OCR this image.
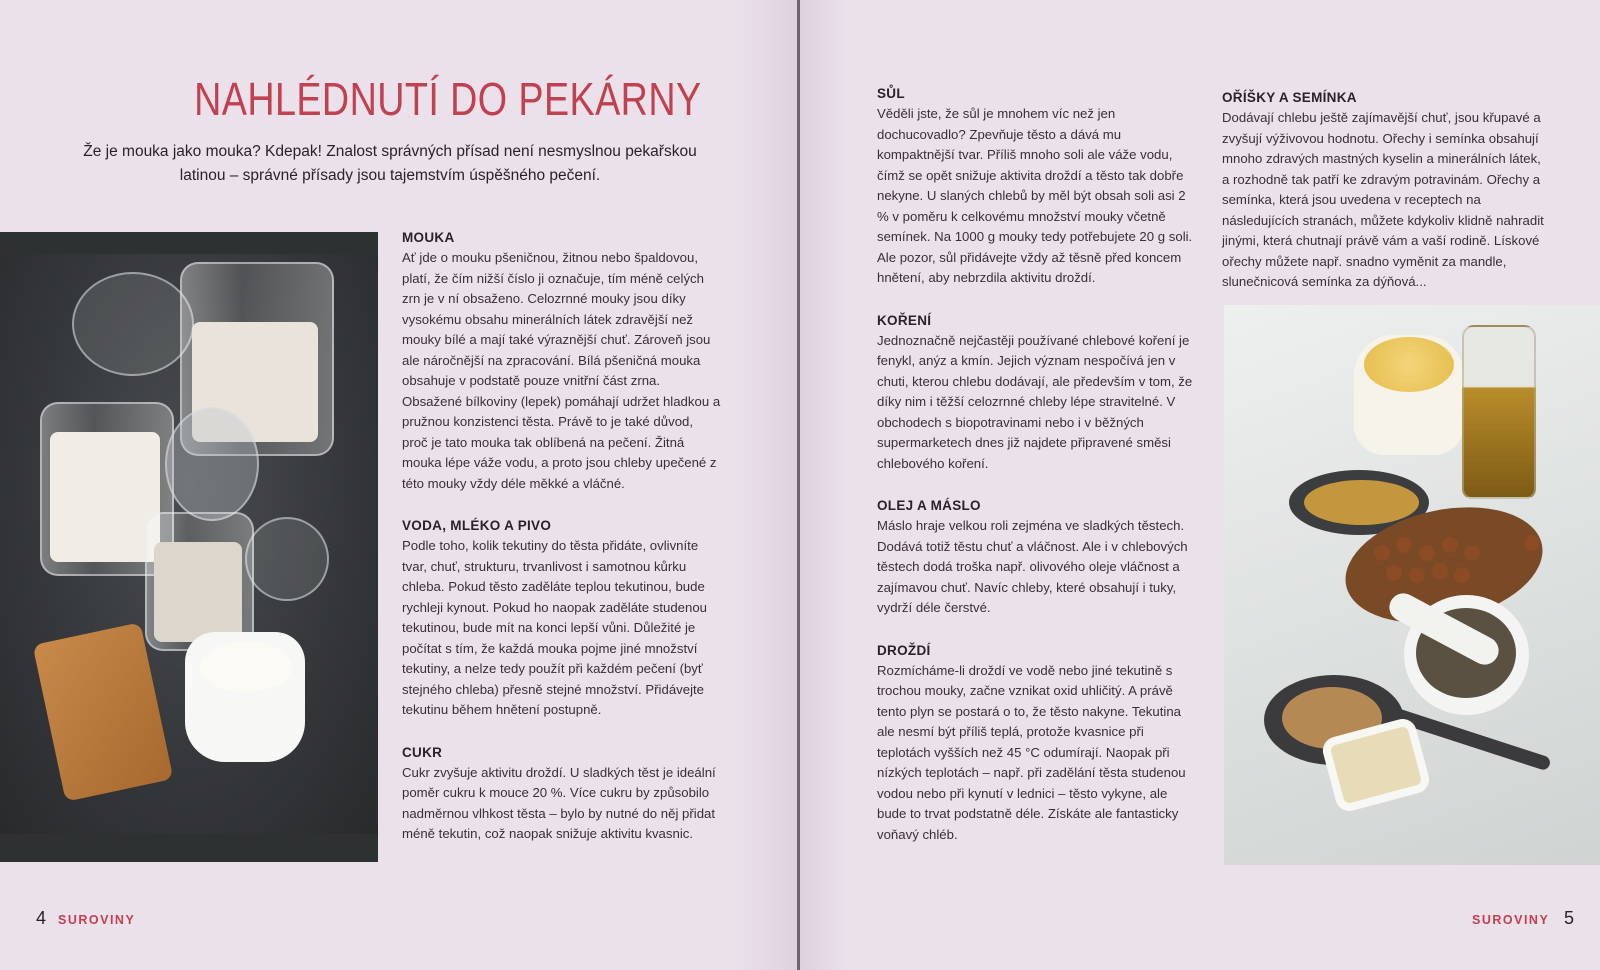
NAHLÉDNUTÍ DO PEKÁRNY
Že je mouka jako mouka? Kdepak! Znalost správných přísad není nesmyslnou pekařskou
latinou – správné přísady jsou tajemstvím úspěšného pečení.
MOUKA

Ať jde o mouku pšeničnou, žitnou nebo špaldovou, platí, že čím nižší číslo ji označuje, tím méně celých zrn je v ní obsaženo. Celozrnné mouky jsou díky vysokému obsahu minerálních látek zdravější než mouky bílé a mají také výraznější chuť. Zároveň jsou ale náročnější na zpracování. Bílá pšeničná mouka obsahuje v podstatě pouze vnitřní část zrna. Obsažené bílkoviny (lepek) pomáhají udržet hladkou a pružnou konzistenci těsta. Právě to je také důvod, proč je tato mouka tak oblíbená na pečení. Žitná mouka lépe váže vodu, a proto jsou chleby upečené z této mouky vždy déle měkké a vláčné.

VODA, MLÉKO A PIVO

Podle toho, kolik tekutiny do těsta přidáte, ovlivníte tvar, chuť, strukturu, trvanlivost i samotnou kůrku chleba. Pokud těsto zaděláte teplou tekutinou, bude rychleji kynout. Pokud ho naopak zaděláte studenou tekutinou, bude mít na konci lepší vůni. Důležité je počítat s tím, že každá mouka pojme jiné množství tekutiny, a nelze tedy použít při každém pečení (byť stejného chleba) přesně stejné množství. Přidávejte tekutinu během hnětení postupně.

CUKR

Cukr zvyšuje aktivitu droždí. U sladkých těst je ideální poměr cukru k mouce 20 %. Více cukru by způsobilo nadměrnou vlhkost těsta – bylo by nutné do něj přidat méně tekutin, což naopak snižuje aktivitu kvasnic.

4 SUROVINY	SUROVINY 5
SŮL

Věděli jste, že sůl je mnohem víc než jen dochucovadlo? Zpevňuje těsto a dává mu kompaktnější tvar. Příliš mnoho soli ale váže vodu, čímž se opět snižuje aktivita droždí a těsto tak dobře nekyne. U slaných chlebů by měl být obsah soli asi 2 % v poměru k celkovému množství mouky včetně semínek. Na 1000 g mouky tedy potřebujete 20 g soli. Ale pozor, sůl přidávejte vždy až těsně před koncem hnětení, aby nebrzdila aktivitu droždí.

KOŘENÍ

Jednoznačně nejčastěji používané chlebové koření je fenykl, anýz a kmín. Jejich význam nespočívá jen v chuti, kterou chlebu dodávají, ale především v tom, že díky nim i těžší celozrnné chleby lépe stravitelné. V obchodech s biopotravinami nebo i v běžných supermarketech dnes již najdete připravené směsi chlebového koření.

OLEJ A MÁSLO

Máslo hraje velkou roli zejména ve sladkých těstech. Dodává totiž těstu chuť a vláčnost. Ale i v chlebových těstech dodá troška např. olivového oleje vláčnost a zajímavou chuť. Navíc chleby, které obsahují i tuky, vydrží déle čerstvé.

DROŽDÍ

Rozmícháme-li droždí ve vodě nebo jiné tekutině s trochou mouky, začne vznikat oxid uhličitý. A právě tento plyn se postará o to, že těsto nakyne. Tekutina ale nesmí být příliš teplá, protože kvasnice při teplotách vyšších než 45 °C odumírají. Naopak při nízkých teplotách – např. při zadělání těsta studenou vodou nebo při kynutí v lednici – těsto vykyne, ale bude to trvat podstatně déle. Získáte ale fantasticky voňavý chléb.

OŘÍŠKY A SEMÍNKA

Dodávají chlebu ještě zajímavější chuť, jsou křupavé a zvyšují výživovou hodnotu. Ořechy i semínka obsahují mnoho zdravých mastných kyselin a minerálních látek, a rozhodně tak patří ke zdravým potravinám. Ořechy a semínka, která jsou uvedena v receptech na následujících stranách, můžete kdykoliv klidně nahradit jinými, která chutnají právě vám a vaší rodině. Lískové ořechy můžete např. snadno vyměnit za mandle, slunečnicová semínka za dýňová...
